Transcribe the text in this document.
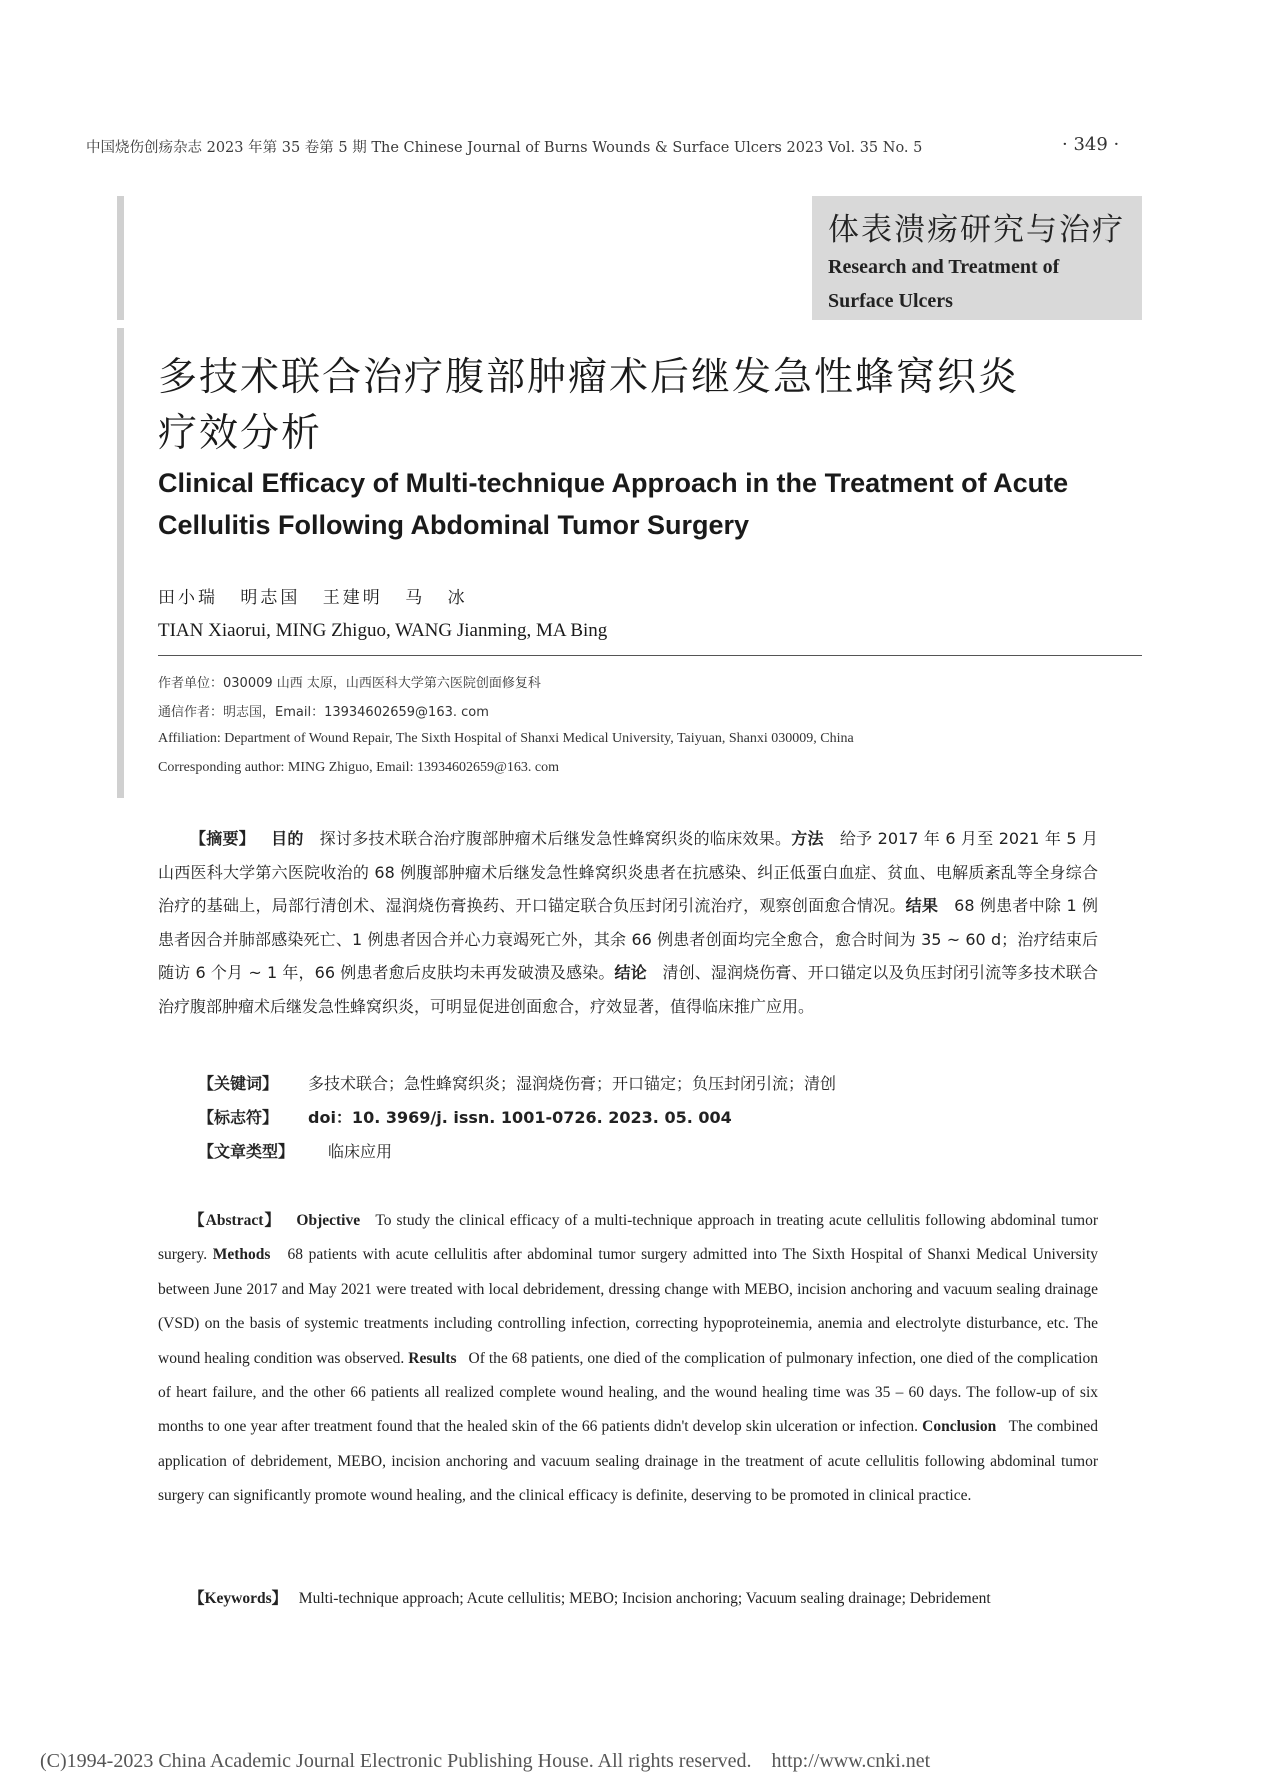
中国烧伤创疡杂志 2023 年第 35 卷第 5 期 The Chinese Journal of Burns Wounds & Surface Ulcers 2023 Vol. 35 No. 5	· 349 ·
体表溃疡研究与治疗
Research and Treatment of
Surface Ulcers
多技术联合治疗腹部肿瘤术后继发急性蜂窝织炎
疗效分析
Clinical Efficacy of Multi-technique Approach in the Treatment of Acute
Cellulitis Following Abdominal Tumor Surgery
田小瑞 明志国 王建明 马 冰
TIAN Xiaorui, MING Zhiguo, WANG Jianming, MA Bing
作者单位：030009 山西 太原，山西医科大学第六医院创面修复科
通信作者：明志国，Email：13934602659@163. com
Affiliation: Department of Wound Repair, The Sixth Hospital of Shanxi Medical University, Taiyuan, Shanxi 030009, China
Corresponding author: MING Zhiguo, Email: 13934602659@163. com
【摘要】 目的 探讨多技术联合治疗腹部肿瘤术后继发急性蜂窝织炎的临床效果。方法 给予 2017 年 6 月至 2021 年 5 月山西医科大学第六医院收治的 68 例腹部肿瘤术后继发急性蜂窝织炎患者在抗感染、纠正低蛋白血症、贫血、电解质紊乱等全身综合治疗的基础上，局部行清创术、湿润烧伤膏换药、开口锚定联合负压封闭引流治疗，观察创面愈合情况。结果 68 例患者中除 1 例患者因合并肺部感染死亡、1 例患者因合并心力衰竭死亡外，其余 66 例患者创面均完全愈合，愈合时间为 35 ~ 60 d；治疗结束后随访 6 个月 ~ 1 年，66 例患者愈后皮肤均未再发破溃及感染。结论 清创、湿润烧伤膏、开口锚定以及负压封闭引流等多技术联合治疗腹部肿瘤术后继发急性蜂窝织炎，可明显促进创面愈合，疗效显著，值得临床推广应用。
【关键词】 多技术联合；急性蜂窝织炎；湿润烧伤膏；开口锚定；负压封闭引流；清创
【标志符】 doi：10. 3969/j. issn. 1001-0726. 2023. 05. 004
【文章类型】 临床应用
【Abstract】 Objective To study the clinical efficacy of a multi-technique approach in treating acute cellulitis following abdominal tumor surgery. Methods 68 patients with acute cellulitis after abdominal tumor surgery admitted into The Sixth Hospital of Shanxi Medical University between June 2017 and May 2021 were treated with local debridement, dressing change with MEBO, incision anchoring and vacuum sealing drainage (VSD) on the basis of systemic treatments including controlling infection, correcting hypoproteinemia, anemia and electrolyte disturbance, etc. The wound healing condition was observed. Results Of the 68 patients, one died of the complication of pulmonary infection, one died of the complication of heart failure, and the other 66 patients all realized complete wound healing, and the wound healing time was 35 – 60 days. The follow-up of six months to one year after treatment found that the healed skin of the 66 patients didn't develop skin ulceration or infection. Conclusion The combined application of debridement, MEBO, incision anchoring and vacuum sealing drainage in the treatment of acute cellulitis following abdominal tumor surgery can significantly promote wound healing, and the clinical efficacy is definite, deserving to be promoted in clinical practice.
【Keywords】 Multi-technique approach; Acute cellulitis; MEBO; Incision anchoring; Vacuum sealing drainage; Debridement
(C)1994-2023 China Academic Journal Electronic Publishing House. All rights reserved. http://www.cnki.net
